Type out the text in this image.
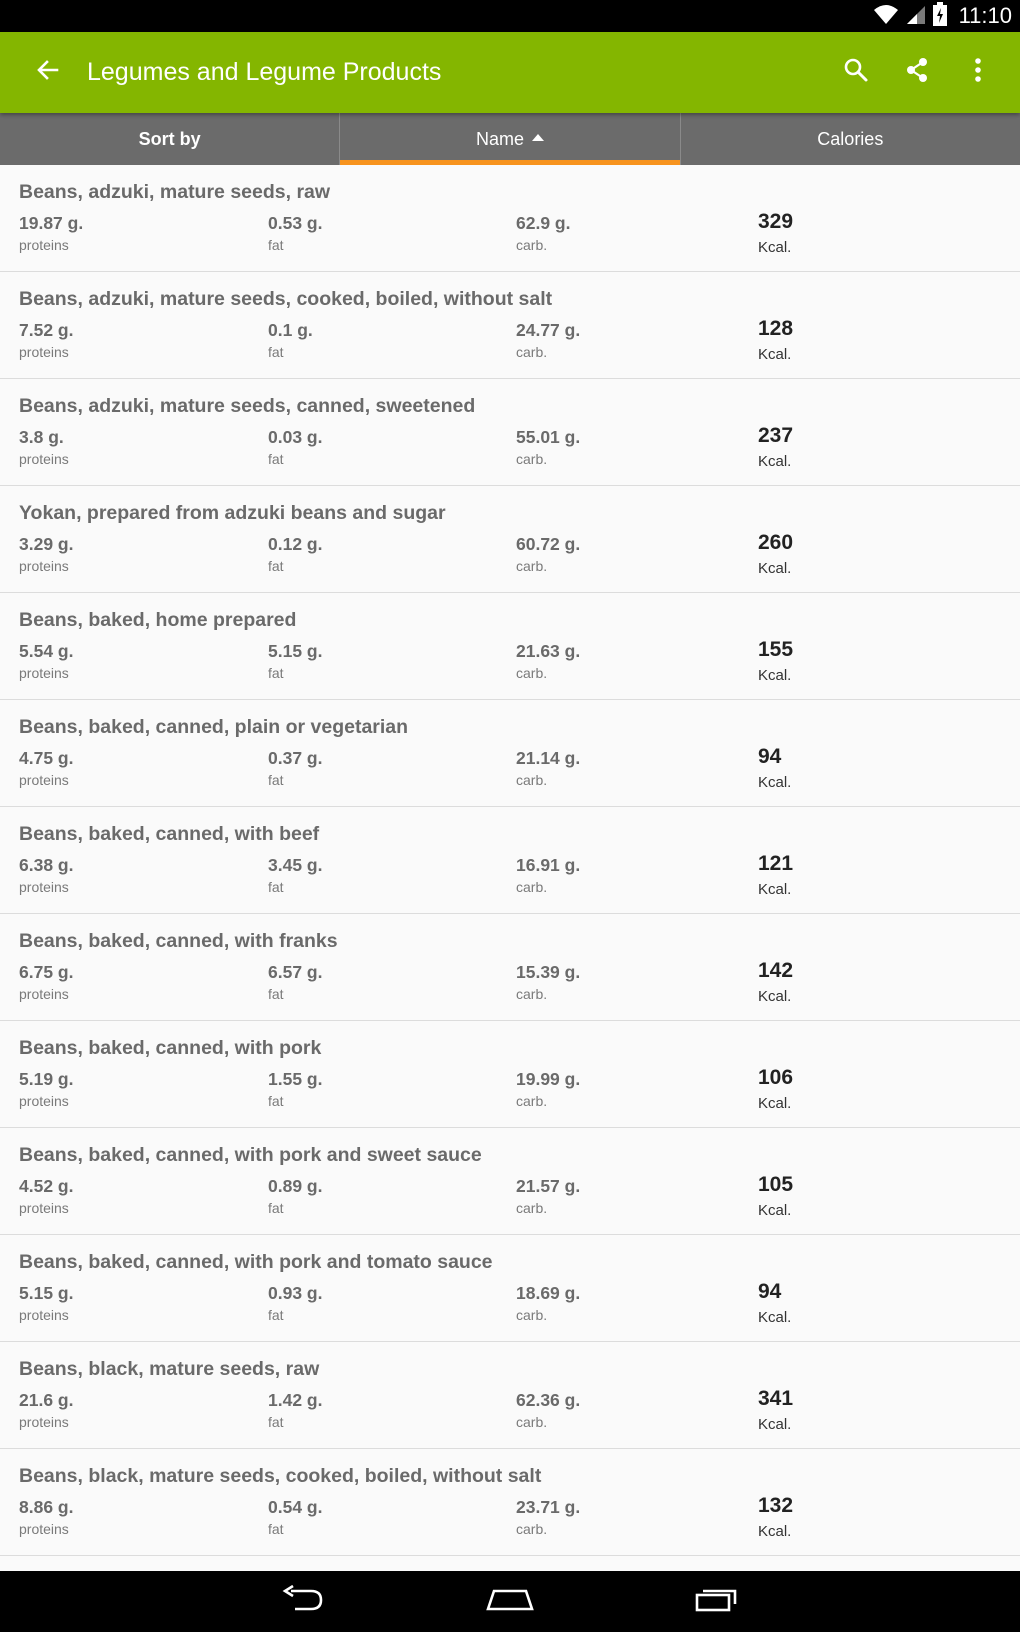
11:10
Legumes and Legume Products
Sort by	Name	Calories
Beans, adzuki, mature seeds, raw
19.87 g.
proteins
0.53 g.
fat
62.9 g.
carb.
329
Kcal.
Beans, adzuki, mature seeds, cooked, boiled, without salt
7.52 g.
proteins
0.1 g.
fat
24.77 g.
carb.
128
Kcal.
Beans, adzuki, mature seeds, canned, sweetened
3.8 g.
proteins
0.03 g.
fat
55.01 g.
carb.
237
Kcal.
Yokan, prepared from adzuki beans and sugar
3.29 g.
proteins
0.12 g.
fat
60.72 g.
carb.
260
Kcal.
Beans, baked, home prepared
5.54 g.
proteins
5.15 g.
fat
21.63 g.
carb.
155
Kcal.
Beans, baked, canned, plain or vegetarian
4.75 g.
proteins
0.37 g.
fat
21.14 g.
carb.
94
Kcal.
Beans, baked, canned, with beef
6.38 g.
proteins
3.45 g.
fat
16.91 g.
carb.
121
Kcal.
Beans, baked, canned, with franks
6.75 g.
proteins
6.57 g.
fat
15.39 g.
carb.
142
Kcal.
Beans, baked, canned, with pork
5.19 g.
proteins
1.55 g.
fat
19.99 g.
carb.
106
Kcal.
Beans, baked, canned, with pork and sweet sauce
4.52 g.
proteins
0.89 g.
fat
21.57 g.
carb.
105
Kcal.
Beans, baked, canned, with pork and tomato sauce
5.15 g.
proteins
0.93 g.
fat
18.69 g.
carb.
94
Kcal.
Beans, black, mature seeds, raw
21.6 g.
proteins
1.42 g.
fat
62.36 g.
carb.
341
Kcal.
Beans, black, mature seeds, cooked, boiled, without salt
8.86 g.
proteins
0.54 g.
fat
23.71 g.
carb.
132
Kcal.
